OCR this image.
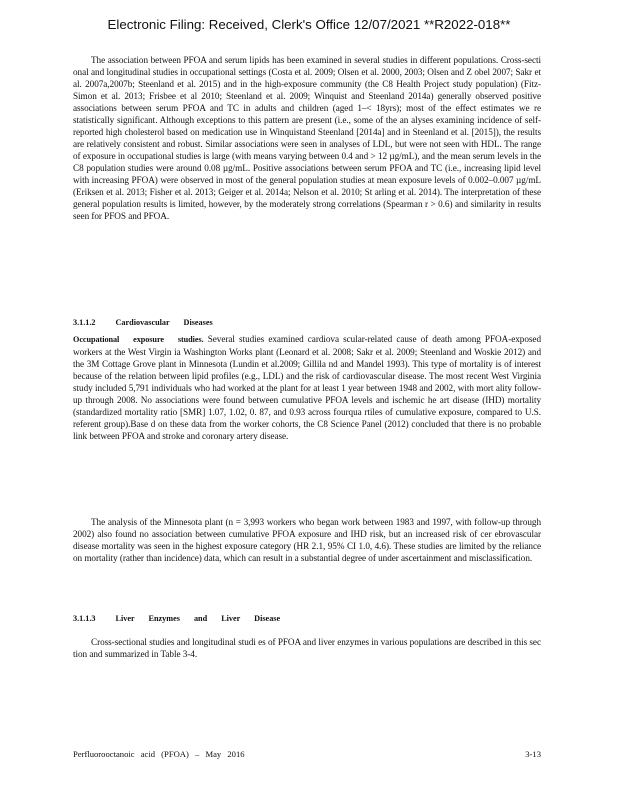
Electronic Filing: Received, Clerk's Office 12/07/2021 **R2022-018**

The association between PFOA and serum lipids has been examined in several studies in different populations. Cross-secti onal and longitudinal studies in occupational settings (Costa et al. 2009; Olsen et al. 2000, 2003; Olsen and Z obel 2007; Sakr et al. 2007a,2007b; Steenland et al. 2015) and in the high-exposure community (the C8 Health Project study population) (Fitz-Simon et al. 2013; Frisbee et al 2010; Steenland et al. 2009; Winquist and Steenland 2014a) generally observed positive associations between serum PFOA and TC in adults and children (aged 1–< 18yrs); most of the effect estimates we re statistically significant. Although exceptions to this pattern are present (i.e., some of the an alyses examining incidence of self-reported high cholesterol based on medication use in Winquistand Steenland [2014a] and in Steenland et al. [2015]), the results are relatively consistent and robust. Similar associations were seen in analyses of LDL, but were not seen with HDL. The range of exposure in occupational studies is large (with means varying between 0.4 and > 12 µg/mL), and the mean serum levels in the C8 population studies were around 0.08 µg/mL. Positive associations between serum PFOA and TC (i.e., increasing lipid level with increasing PFOA) were observed in most of the general population studies at mean exposure levels of 0.002–0.007 µg/mL (Eriksen et al. 2013; Fisher et al. 2013; Geiger et al. 2014a; Nelson et al. 2010; St arling et al. 2014). The interpretation of these general population results is limited, however, by the moderately strong correlations (Spearman r > 0.6) and similarity in results seen for PFOS and PFOA.

3.1.1.2 Cardiovascular Diseases

Occupational exposure studies. Several studies examined cardiova scular-related cause of death among PFOA-exposed workers at the West Virgin ia Washington Works plant (Leonard et al. 2008; Sakr et al. 2009; Steenland and Woskie 2012) and the 3M Cottage Grove plant in Minnesota (Lundin et al.2009; Gillila nd and Mandel 1993). This type of mortality is of interest because of the relation between lipid profiles (e.g., LDL) and the risk of cardiovascular disease. The most recent West Virginia study included 5,791 individuals who had worked at the plant for at least 1 year between 1948 and 2002, with mort ality follow-up through 2008. No associations were found between cumulative PFOA levels and ischemic he art disease (IHD) mortality (standardized mortality ratio [SMR] 1.07, 1.02, 0. 87, and 0.93 across fourqua rtiles of cumulative exposure, compared to U.S. referent group).Base d on these data from the worker cohorts, the C8 Science Panel (2012) concluded that there is no probable link between PFOA and stroke and coronary artery disease.

The analysis of the Minnesota plant (n = 3,993 workers who began work between 1983 and 1997, with follow-up through 2002) also found no association between cumulative PFOA exposure and IHD risk, but an increased risk of cer ebrovascular disease mortality was seen in the highest exposure category (HR 2.1, 95% CI 1.0, 4.6). These studies are limited by the reliance on mortality (rather than incidence) data, which can result in a substantial degree of under ascertainment and misclassification.

3.1.1.3 Liver Enzymes and Liver Disease

Cross-sectional studies and longitudinal studi es of PFOA and liver enzymes in various populations are described in this sec tion and summarized in Table 3-4.

Perfluorooctanoic acid (PFOA) – May 2016	3-13
